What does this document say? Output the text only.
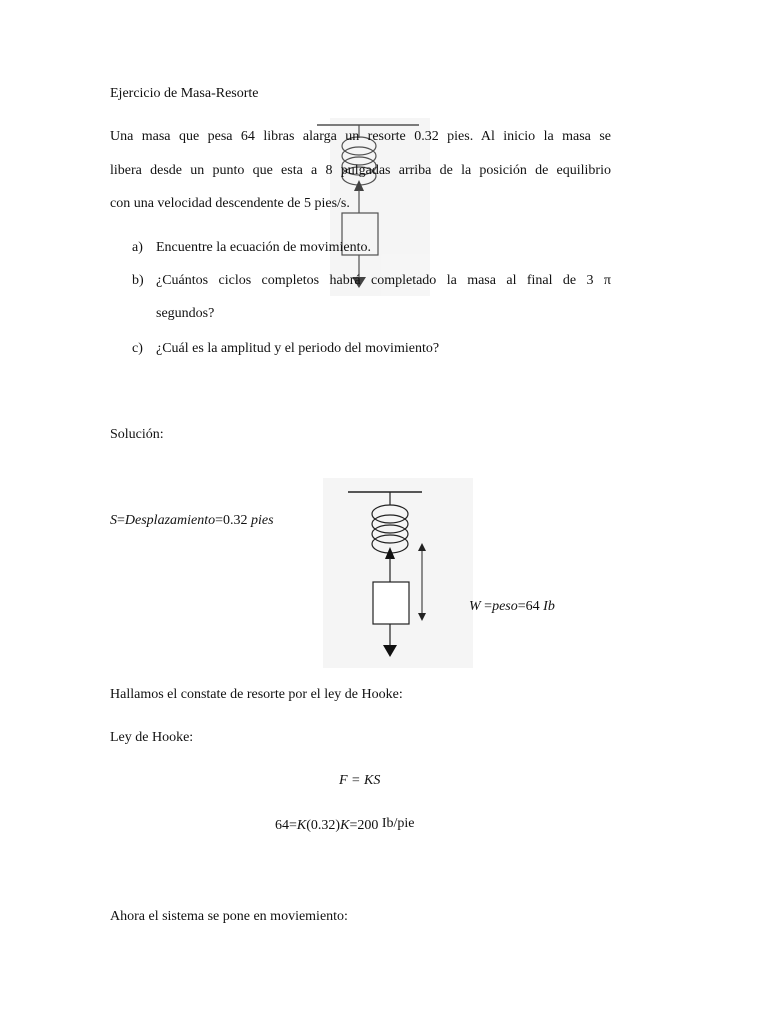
Ejercicio de Masa-Resorte
Una masa que pesa 64 libras alarga un resorte 0.32 pies. Al inicio la masa se
libera desde un punto que esta a 8 pulgadas arriba de la posición de equilibrio
con una velocidad descendente de 5 pies/s.
a) Encuentre la ecuación de movimiento.
b) ¿Cuántos ciclos completos habrá completado la masa al final de 3 π
segundos?
c) ¿Cuál es la amplitud y el periodo del movimiento?
Solución:
S=Desplazamiento=0.32 pies
W =peso=64 Ib
Hallamos el constate de resorte por el ley de Hooke:
Ley de Hooke:
F = KS
64=K(0.32)K=200 Ib/pie
Ahora el sistema se pone en moviemiento:
